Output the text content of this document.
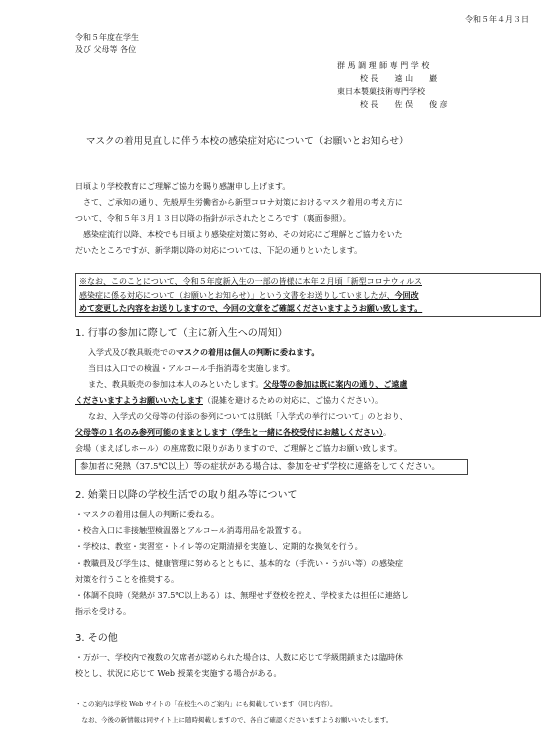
令和５年４月３日
令和５年度在学生
及び 父母等 各位
群 馬 調 理 師 専 門 学 校
校 長　　遠 山　　巖
東日本製菓技術専門学校
校 長　　佐 俣　　俊 彦
マスクの着用見直しに伴う本校の感染症対応について（お願いとお知らせ）
日頃より学校教育にご理解ご協力を賜り感謝申し上げます。
　さて、ご承知の通り、先般厚生労働省から新型コロナ対策におけるマスク着用の考え方に
ついて、令和５年３月１３日以降の指針が示されたところです（裏面参照）。
　感染症流行以降、本校でも日頃より感染症対策に努め、その対応にご理解とご協力をいた
だいたところですが、新学期以降の対応については、下記の通りといたします。
※なお、このことについて、令和５年度新入生の一部の皆様に本年２月頃「新型コロナウィルス
感染症に係る対応について（お願いとお知らせ）」という文書をお送りしていましたが、今回改
めて変更した内容をお送りしますので、今回の文章をご確認くださいますようお願い致します。
1. 行事の参加に際して（主に新入生への周知）
入学式及び教具販売でのマスクの着用は個人の判断に委ねます。
当日は入口での検温・アルコール手指消毒を実施します。
また、教具販売の参加は本人のみといたします。父母等の参加は既に案内の通り、ご遠慮
くださいますようお願いいたします（混雑を避けるための対応に、ご協力ください）。
なお、入学式の父母等の付添の参列については別紙「入学式の挙行について」のとおり、
父母等の１名のみ参列可能のままとします（学生と一緒に各校受付にお越しください）。
会場（まえばしホール）の座席数に限りがありますので、ご理解とご協力お願い致します。
参加者に発熱（37.5℃以上）等の症状がある場合は、参加をせず学校に連絡をしてください。
2. 始業日以降の学校生活での取り組み等について
・マスクの着用は個人の判断に委ねる。
・校舎入口に非接触型検温器とアルコール消毒用品を設置する。
・学校は、教室・実習室・トイレ等の定期清掃を実施し、定期的な換気を行う。
・教職員及び学生は、健康管理に努めるとともに、基本的な（手洗い・うがい等）の感染症
対策を行うことを推奨する。
・体調不良時（発熱が 37.5℃以上ある）は、無理せず登校を控え、学校または担任に連絡し
指示を受ける。
3. その他
・万が一、学校内で複数の欠席者が認められた場合は、人数に応じて学級閉鎖または臨時休
校とし、状況に応じて Web 授業を実施する場合がある。
・この案内は学校 Web サイトの「在校生へのご案内」にも掲載しています（同じ内容）。
　なお、今後の新情報は同サイト上に随時掲載しますので、各自ご確認くださいますようお願いいたします。
